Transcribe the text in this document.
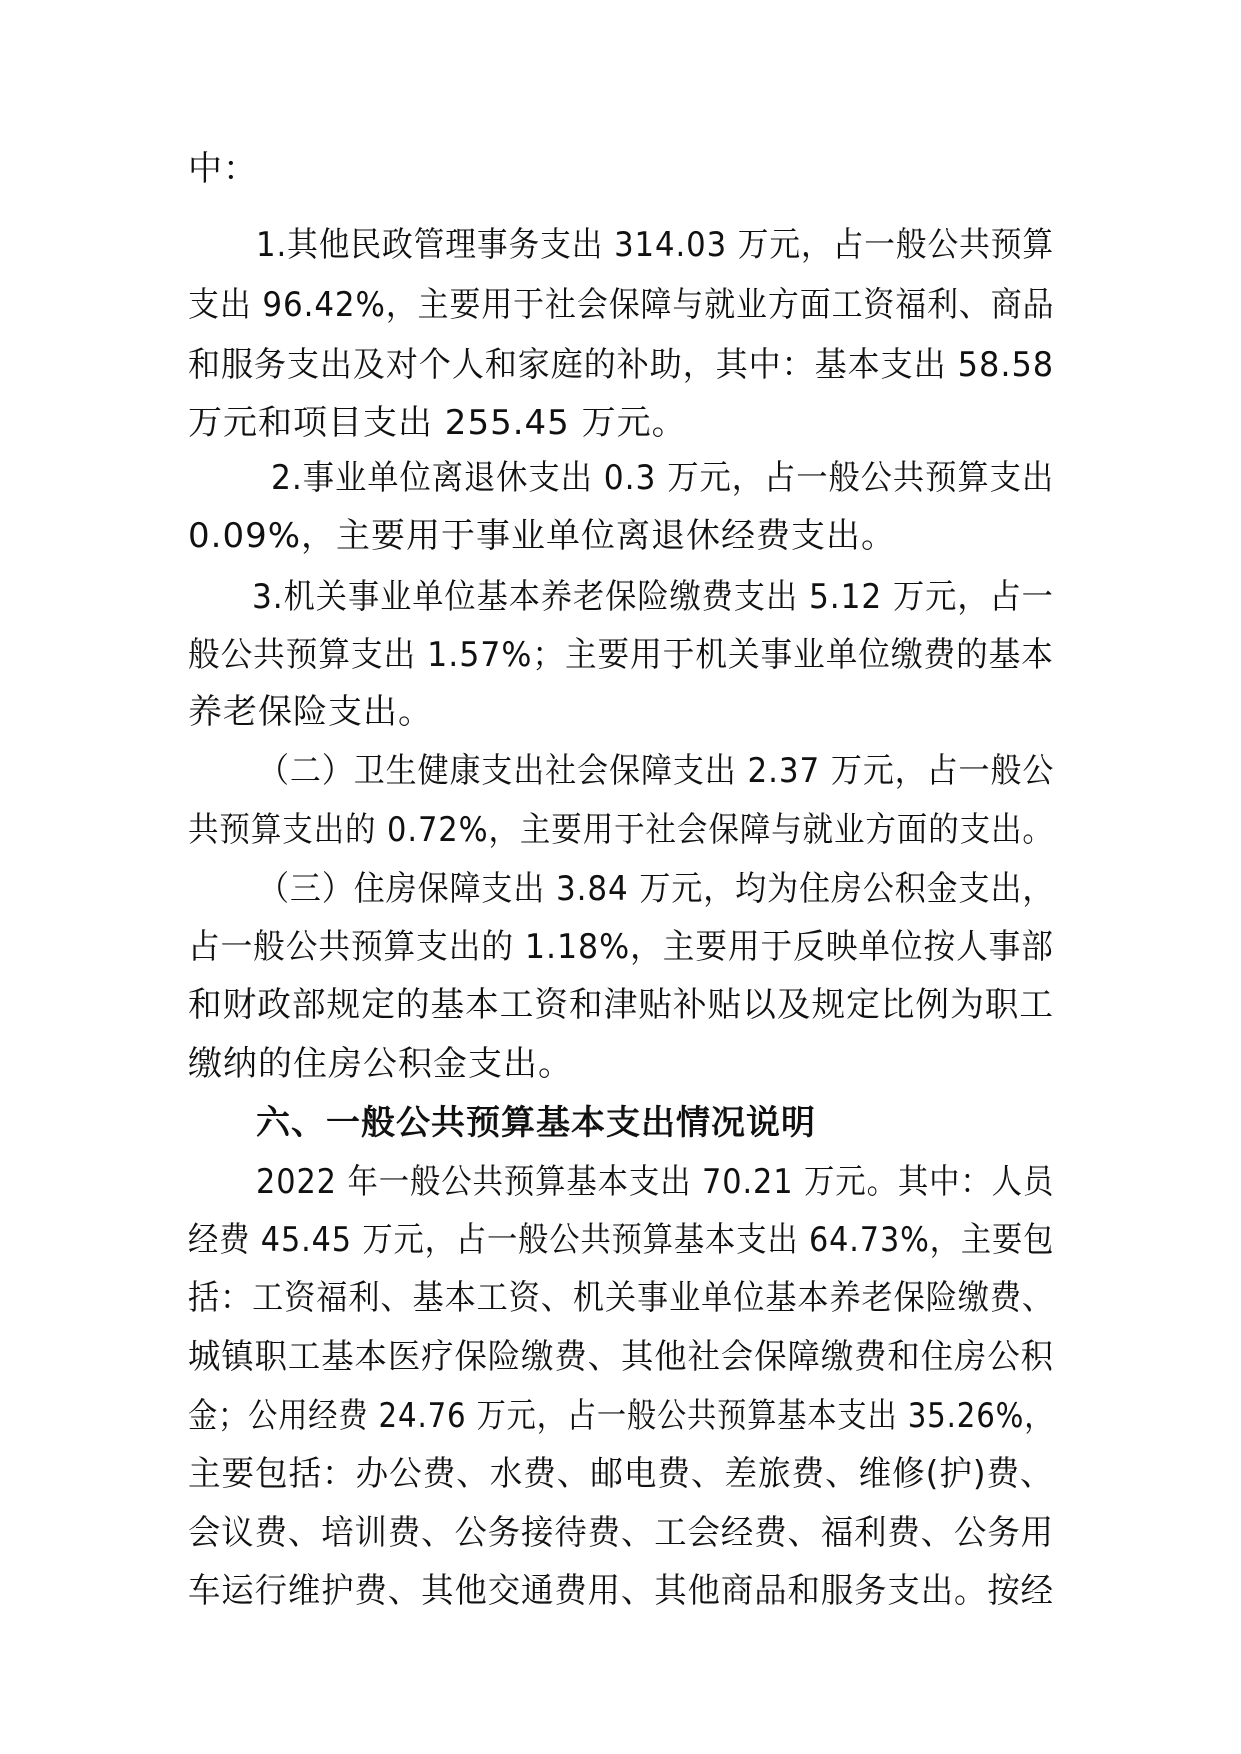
中：
1.其他民政管理事务支出 314.03 万元，占一般公共预算
支出 96.42%，主要用于社会保障与就业方面工资福利、商品
和服务支出及对个人和家庭的补助，其中：基本支出 58.58
万元和项目支出 255.45 万元。
2.事业单位离退休支出 0.3 万元，占一般公共预算支出
0.09%，主要用于事业单位离退休经费支出。
3.机关事业单位基本养老保险缴费支出 5.12 万元，占一
般公共预算支出 1.57%；主要用于机关事业单位缴费的基本
养老保险支出。
（二）卫生健康支出社会保障支出 2.37 万元，占一般公
共预算支出的 0.72%，主要用于社会保障与就业方面的支出。
（三）住房保障支出 3.84 万元，均为住房公积金支出，
占一般公共预算支出的 1.18%，主要用于反映单位按人事部
和财政部规定的基本工资和津贴补贴以及规定比例为职工
缴纳的住房公积金支出。
六、一般公共预算基本支出情况说明
2022 年一般公共预算基本支出 70.21 万元。其中：人员
经费 45.45 万元，占一般公共预算基本支出 64.73%，主要包
括：工资福利、基本工资、机关事业单位基本养老保险缴费、
城镇职工基本医疗保险缴费、其他社会保障缴费和住房公积
金；公用经费 24.76 万元，占一般公共预算基本支出 35.26%，
主要包括：办公费、水费、邮电费、差旅费、维修(护)费、
会议费、培训费、公务接待费、工会经费、福利费、公务用
车运行维护费、其他交通费用、其他商品和服务支出。按经
